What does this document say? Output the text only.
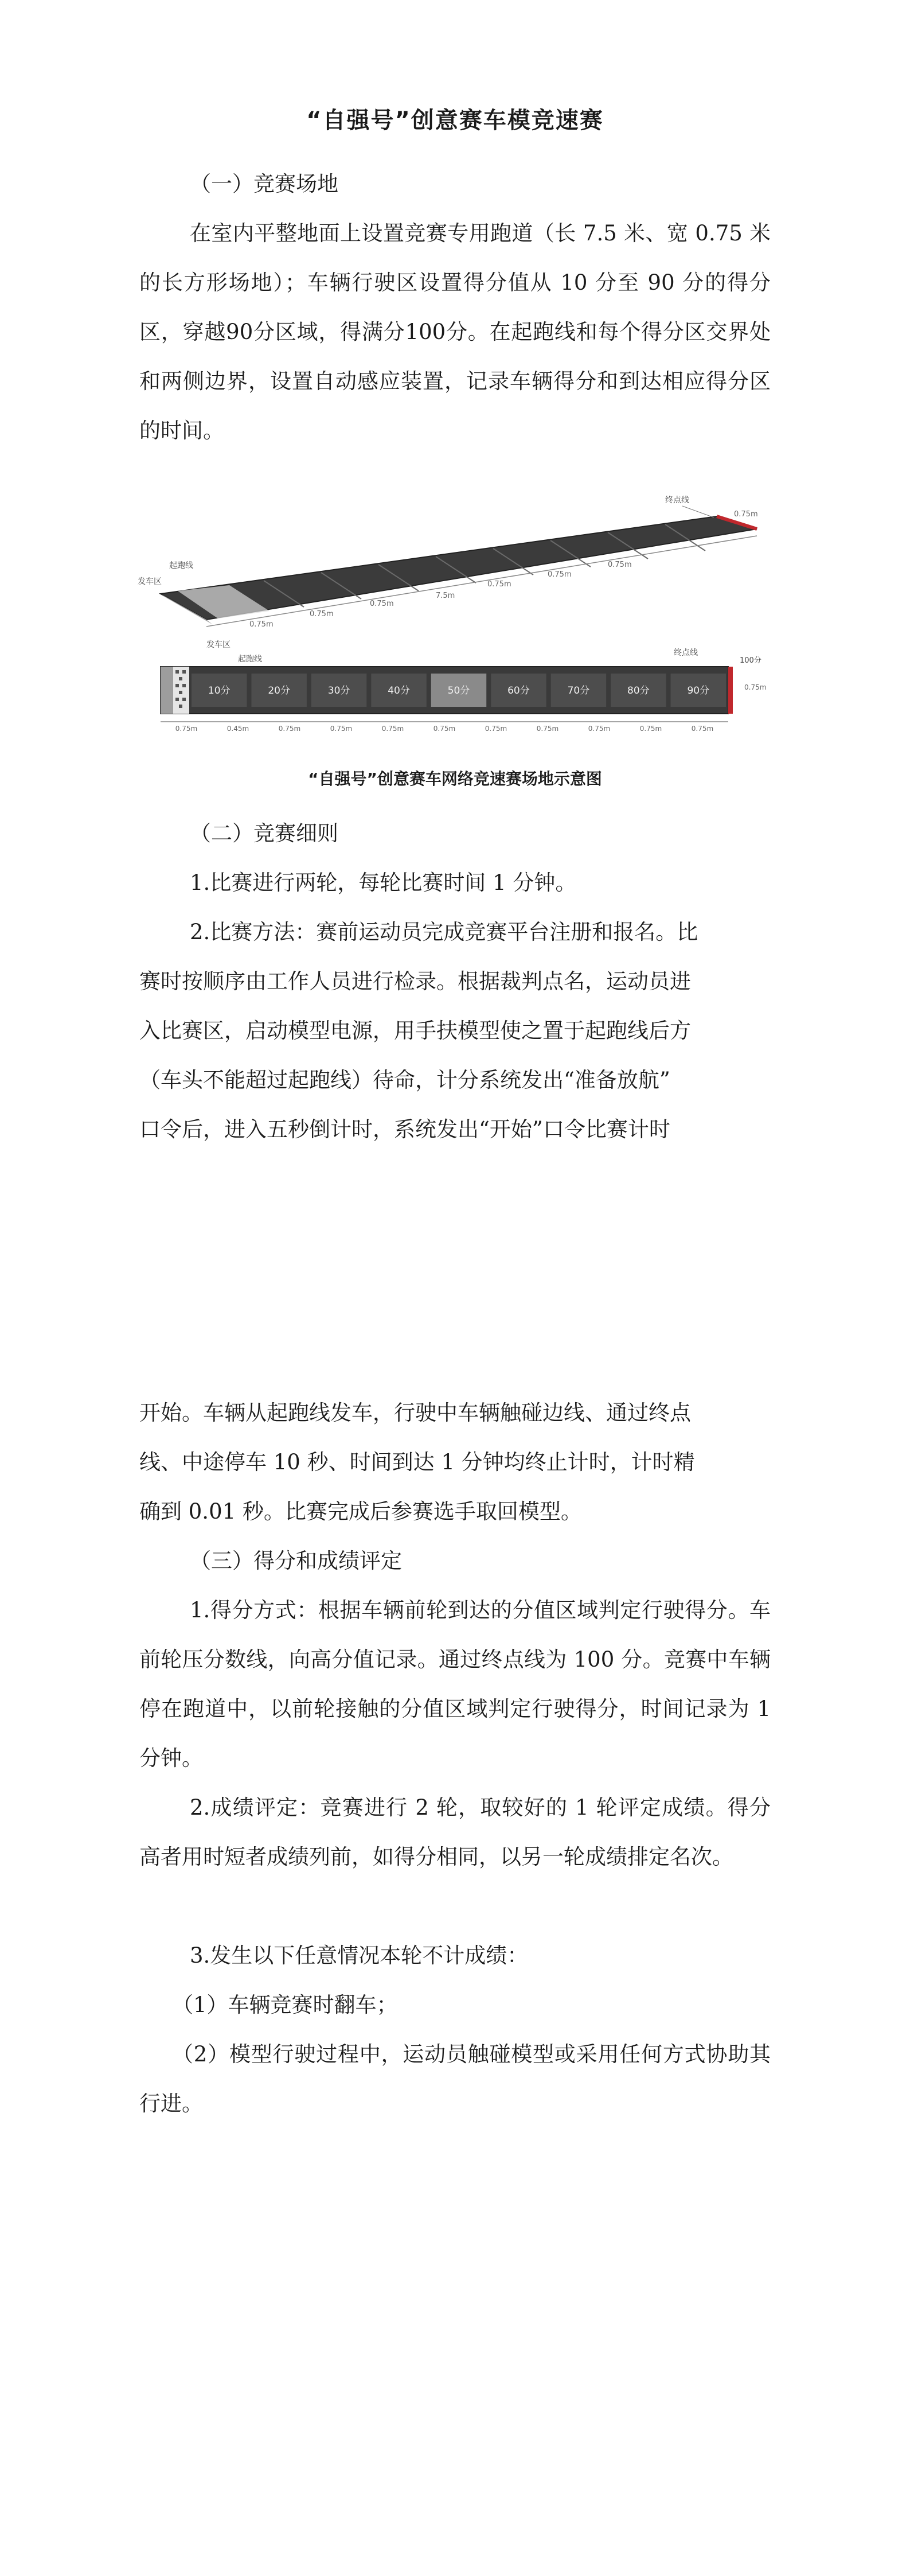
“自强号”创意赛车模竞速赛
（一）竞赛场地

在室内平整地面上设置竞赛专用跑道（长 7.5 米、宽 0.75 米的长方形场地）；车辆行驶区设置得分值从 10 分至 90 分的得分区，穿越90分区域，得满分100分。在起跑线和每个得分区交界处和两侧边界，设置自动感应装置，记录车辆得分和到达相应得分区的时间。

0.75m
0.75m
0.75m
7.5m
0.75m
0.75m
0.75m
终点线
0.75m
起跑线
发车区
发车区
起跑线
终点线
100分
0.75m
10分	20分	30分	40分	50分	60分	70分	80分	90分
0.75m	0.45m	0.75m	0.75m	0.75m	0.75m	0.75m	0.75m	0.75m	0.75m	0.75m
“自强号”创意赛车网络竞速赛场地示意图
（二）竞赛细则
1.比赛进行两轮，每轮比赛时间 1 分钟。
2.比赛方法：赛前运动员完成竞赛平台注册和报名。比
赛时按顺序由工作人员进行检录。根据裁判点名，运动员进
入比赛区，启动模型电源，用手扶模型使之置于起跑线后方
（车头不能超过起跑线）待命，计分系统发出“准备放航”
口令后，进入五秒倒计时，系统发出“开始”口令比赛计时
开始。车辆从起跑线发车，行驶中车辆触碰边线、通过终点
线、中途停车 10 秒、时间到达 1 分钟均终止计时，计时精
确到 0.01 秒。比赛完成后参赛选手取回模型。
（三）得分和成绩评定

1.得分方式：根据车辆前轮到达的分值区域判定行驶得分。车前轮压分数线，向高分值记录。通过终点线为 100 分。竞赛中车辆停在跑道中，以前轮接触的分值区域判定行驶得分，时间记录为 1 分钟。

2.成绩评定：竞赛进行 2 轮，取较好的 1 轮评定成绩。得分高者用时短者成绩列前，如得分相同，以另一轮成绩排定名次。

3.发生以下任意情况本轮不计成绩：
（1）车辆竞赛时翻车；

（2）模型行驶过程中，运动员触碰模型或采用任何方式协助其行进。
